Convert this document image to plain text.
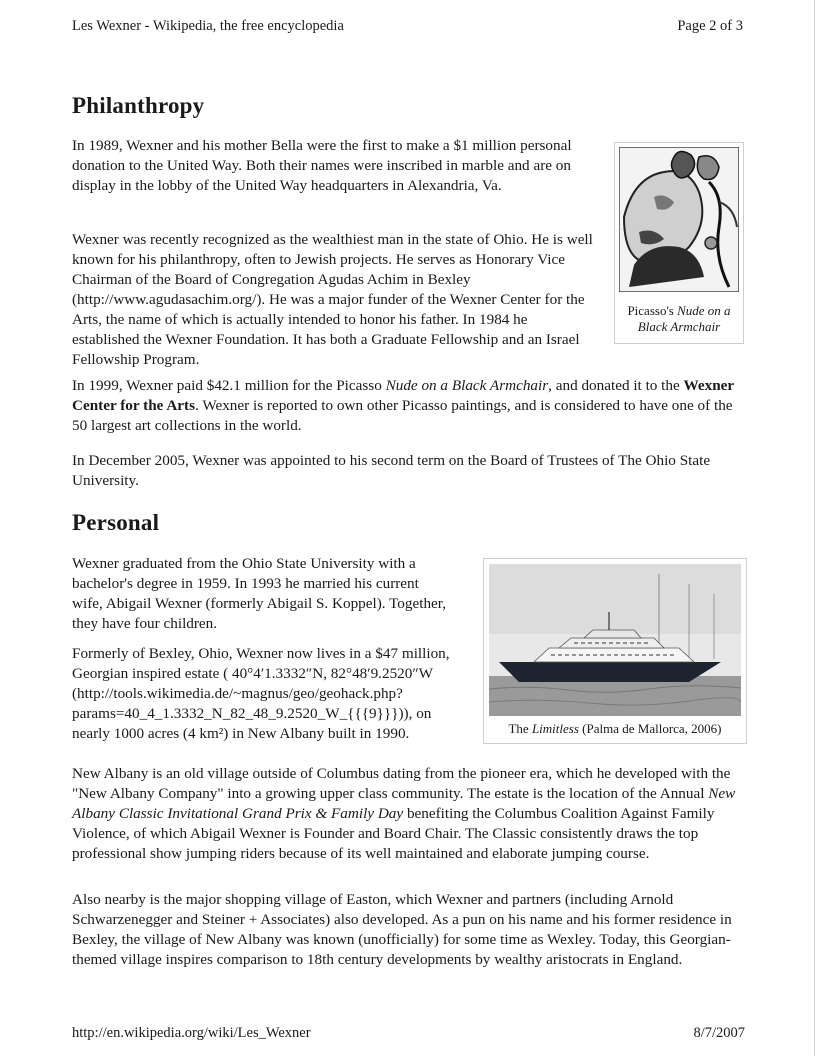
Les Wexner - Wikipedia, the free encyclopedia	Page 2 of 3
Philanthropy

In 1989, Wexner and his mother Bella were the first to make a $1 million personal donation to the United Way. Both their names were inscribed in marble and are on display in the lobby of the United Way headquarters in Alexandria, Va.

Wexner was recently recognized as the wealthiest man in the state of Ohio. He is well known for his philanthropy, often to Jewish projects. He serves as Honorary Vice Chairman of the Board of Congregation Agudas Achim in Bexley (http://www.agudasachim.org/). He was a major funder of the Wexner Center for the Arts, the name of which is actually intended to honor his father. In 1984 he established the Wexner Foundation. It has both a Graduate Fellowship and an Israel Fellowship Program.

In 1999, Wexner paid $42.1 million for the Picasso Nude on a Black Armchair, and donated it to the Wexner Center for the Arts. Wexner is reported to own other Picasso paintings, and is considered to have one of the 50 largest art collections in the world.

In December 2005, Wexner was appointed to his second term on the Board of Trustees of The Ohio State University.

Picasso's Nude on a Black Armchair
Personal

Wexner graduated from the Ohio State University with a bachelor's degree in 1959. In 1993 he married his current wife, Abigail Wexner (formerly Abigail S. Koppel). Together, they have four children.

Formerly of Bexley, Ohio, Wexner now lives in a $47 million, Georgian inspired estate ( 40°4′1.3332″N, 82°48′9.2520″W (http://tools.wikimedia.de/~magnus/geo/geohack.php? params=40_4_1.3332_N_82_48_9.2520_W_{{{9}}})), on nearly 1000 acres (4 km²) in New Albany built in 1990.

New Albany is an old village outside of Columbus dating from the pioneer era, which he developed with the "New Albany Company" into a growing upper class community. The estate is the location of the Annual New Albany Classic Invitational Grand Prix & Family Day benefiting the Columbus Coalition Against Family Violence, of which Abigail Wexner is Founder and Board Chair. The Classic consistently draws the top professional show jumping riders because of its well maintained and elaborate jumping course.

Also nearby is the major shopping village of Easton, which Wexner and partners (including Arnold Schwarzenegger and Steiner + Associates) also developed. As a pun on his name and his former residence in Bexley, the village of New Albany was known (unofficially) for some time as Wexley. Today, this Georgian-themed village inspires comparison to 18th century developments by wealthy aristocrats in England.

The Limitless (Palma de Mallorca, 2006)
http://en.wikipedia.org/wiki/Les_Wexner	8/7/2007
